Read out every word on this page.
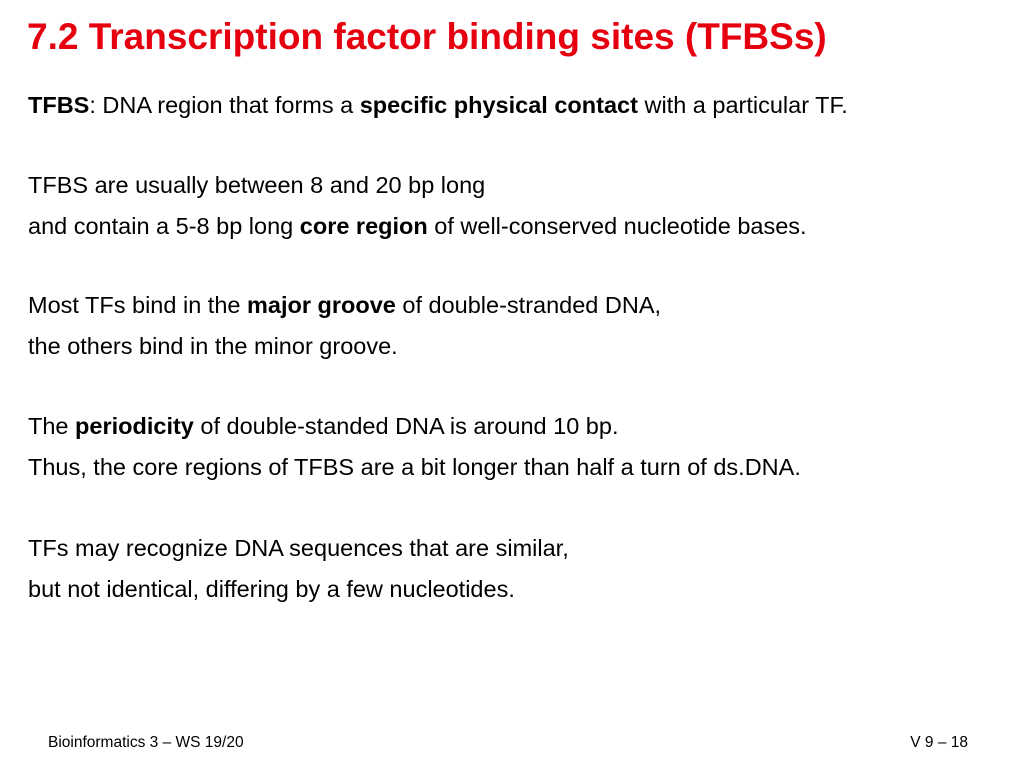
7.2 Transcription factor binding sites (TFBSs)

TFBS: DNA region that forms a specific physical contact with a particular TF.

TFBS are usually between 8 and 20 bp long
and contain a 5-8 bp long core region of well-conserved nucleotide bases.

Most TFs bind in the major groove of double-stranded DNA,
the others bind in the minor groove.

The periodicity of double-standed DNA is around 10 bp.
Thus, the core regions of TFBS are a bit longer than half a turn of ds.DNA.

TFs may recognize DNA sequences that are similar,
but not identical, differing by a few nucleotides.

Bioinformatics 3 – WS 19/20	V 9 – 18
